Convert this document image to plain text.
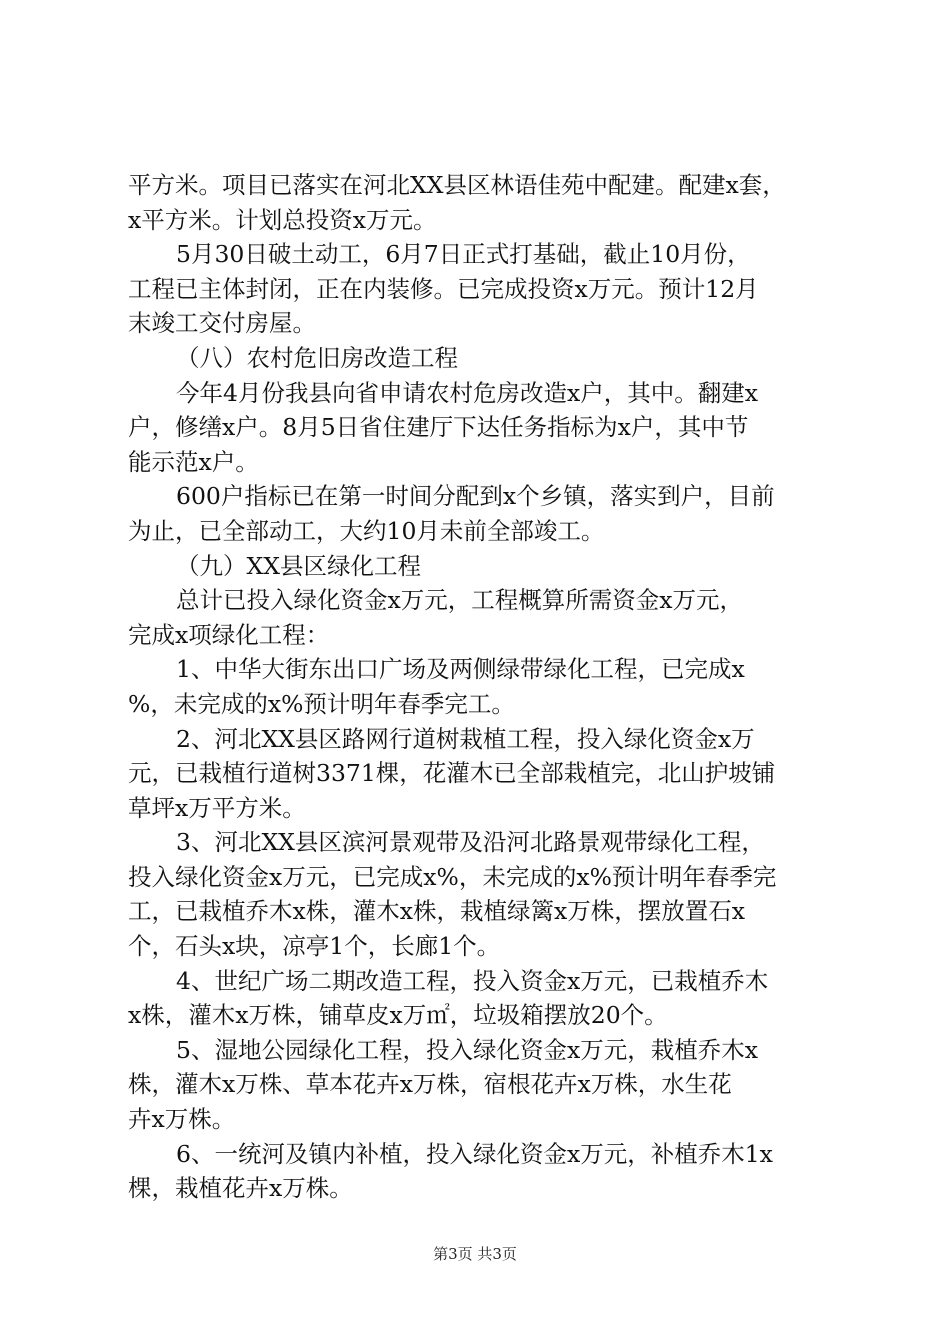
平方米。项目已落实在河北XX县区林语佳苑中配建。配建x套，
x平方米。计划总投资x万元。
5月30日破土动工，6月7日正式打基础，截止10月份，
工程已主体封闭，正在内装修。已完成投资x万元。预计12月
末竣工交付房屋。
（八）农村危旧房改造工程
今年4月份我县向省申请农村危房改造x户，其中。翻建x
户，修缮x户。8月5日省住建厅下达任务指标为x户，其中节
能示范x户。
600户指标已在第一时间分配到x个乡镇，落实到户，目前
为止，已全部动工，大约10月未前全部竣工。
（九）XX县区绿化工程
总计已投入绿化资金x万元，工程概算所需资金x万元，
完成x项绿化工程：
1、中华大街东出口广场及两侧绿带绿化工程，已完成x
%，未完成的x%预计明年春季完工。
2、河北XX县区路网行道树栽植工程，投入绿化资金x万
元，已栽植行道树3371棵，花灌木已全部栽植完，北山护坡铺
草坪x万平方米。
3、河北XX县区滨河景观带及沿河北路景观带绿化工程，
投入绿化资金x万元，已完成x%，未完成的x%预计明年春季完
工，已栽植乔木x株，灌木x株，栽植绿篱x万株，摆放置石x
个，石头x块，凉亭1个，长廊1个。
4、世纪广场二期改造工程，投入资金x万元，已栽植乔木
x株，灌木x万株，铺草皮x万㎡，垃圾箱摆放20个。
5、湿地公园绿化工程，投入绿化资金x万元，栽植乔木x
株，灌木x万株、草本花卉x万株，宿根花卉x万株，水生花
卉x万株。
6、一统河及镇内补植，投入绿化资金x万元，补植乔木1x
棵，栽植花卉x万株。
第3页 共3页
